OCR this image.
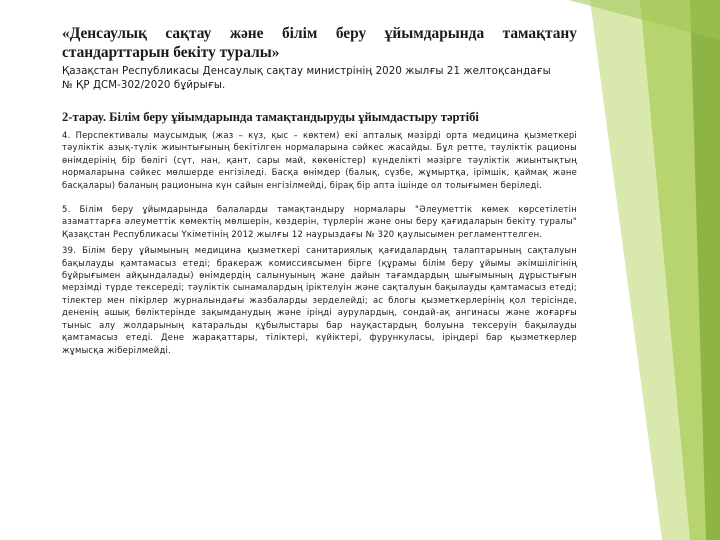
«Денсаулық сақтау және білім беру ұйымдарында тамақтану стандарттарын бекіту туралы»
Қазақстан Республикасы Денсаулық сақтау министрінің 2020 жылғы 21 желтоқсандағы
№ ҚР ДСМ-302/2020 бұйрығы.
2-тарау. Білім беру ұйымдарында тамақтандыруды ұйымдастыру тәртібі

4. Перспективалы маусымдық (жаз – күз, қыс – көктем) екі апталық мәзірді орта медицина қызметкері тәуліктік азық-түлік жиынтығының бекітілген нормаларына сәйкес жасайды. Бұл ретте, тәуліктік рационы өнімдерінің бір бөлігі (сүт, нан, қант, сары май, көкөністер) күнделікті мәзірге тәуліктік жиынтықтың нормаларына сәйкес мөлшерде енгізіледі. Басқа өнімдер (балық, сүзбе, жұмыртқа, ірімшік, қаймақ және басқалары) баланың рационына күн сайын енгізілмейді, бірақ бір апта ішінде ол толығымен беріледі.

5. Білім беру ұйымдарында балаларды тамақтандыру нормалары "Әлеуметтік көмек көрсетілетін азаматтарға әлеуметтік көмектің мөлшерін, көздерін, түрлерін және оны беру қағидаларын бекіту туралы" Қазақстан Республикасы Үкіметінің 2012 жылғы 12 наурыздағы № 320 қаулысымен регламенттелген.

39. Білім беру ұйымының медицина қызметкері санитариялық қағидалардың талаптарының сақталуын бақылауды қамтамасыз етеді; бракераж комиссиясымен бірге (құрамы білім беру ұйымы әкімшілігінің бұйрығымен айқындалады) өнімдердің салынуының және дайын тағамдардың шығымының дұрыстығын мерзімді түрде тексереді; тәуліктік сынамалардың іріктелуін және сақталуын бақылауды қамтамасыз етеді; тілектер мен пікірлер журналындағы жазбаларды зерделейді; ас блогы қызметкерлерінің қол терісінде, дененің ашық бөліктерінде зақымданудың және іріңді аурулардың, сондай-ақ ангинасы және жоғарғы тыныс алу жолдарының катаральды құбылыстары бар науқастардың болуына тексеруін бақылауды қамтамасыз етеді. Дене жарақаттары, тіліктері, күйіктері, фурункуласы, іріңдері бар қызметкерлер жұмысқа жіберілмейді.
